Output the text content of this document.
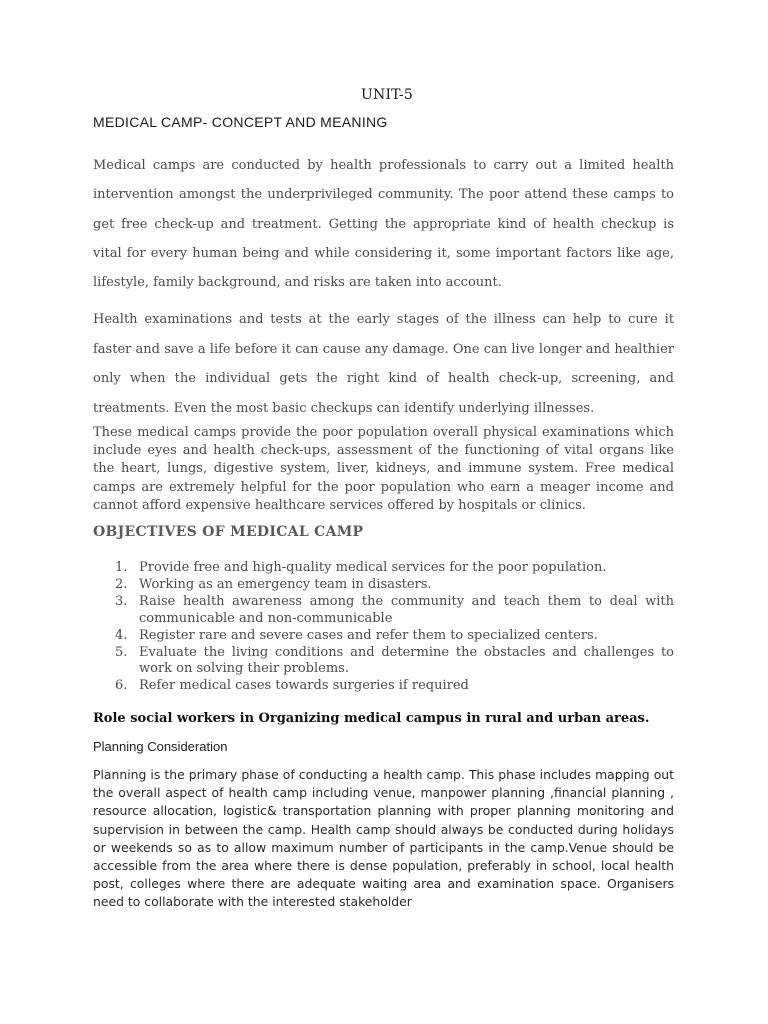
UNIT-5
MEDICAL CAMP- CONCEPT AND MEANING

Medical camps are conducted by health professionals to carry out a limited health intervention amongst the underprivileged community. The poor attend these camps to get free check-up and treatment. Getting the appropriate kind of health checkup is vital for every human being and while considering it, some important factors like age, lifestyle, family background, and risks are taken into account.

Health examinations and tests at the early stages of the illness can help to cure it faster and save a life before it can cause any damage. One can live longer and healthier only when the individual gets the right kind of health check-up, screening, and treatments. Even the most basic checkups can identify underlying illnesses.

These medical camps provide the poor population overall physical examinations which include eyes and health check-ups, assessment of the functioning of vital organs like the heart, lungs, digestive system, liver, kidneys, and immune system. Free medical camps are extremely helpful for the poor population who earn a meager income and cannot afford expensive healthcare services offered by hospitals or clinics.

OBJECTIVES OF MEDICAL CAMP
1. Provide free and high-quality medical services for the poor population.
2. Working as an emergency team in disasters.
3. Raise health awareness among the community and teach them to deal with communicable and non-communicable
4. Register rare and severe cases and refer them to specialized centers.
5. Evaluate the living conditions and determine the obstacles and challenges to work on solving their problems.
6. Refer medical cases towards surgeries if required
Role social workers in Organizing medical campus in rural and urban areas.
Planning Consideration

Planning is the primary phase of conducting a health camp. This phase includes mapping out the overall aspect of health camp including venue, manpower planning ,financial planning , resource allocation, logistic& transportation planning with proper planning monitoring and supervision in between the camp. Health camp should always be conducted during holidays or weekends so as to allow maximum number of participants in the camp.Venue should be accessible from the area where there is dense population, preferably in school, local health post, colleges where there are adequate waiting area and examination space. Organisers need to collaborate with the interested stakeholder
